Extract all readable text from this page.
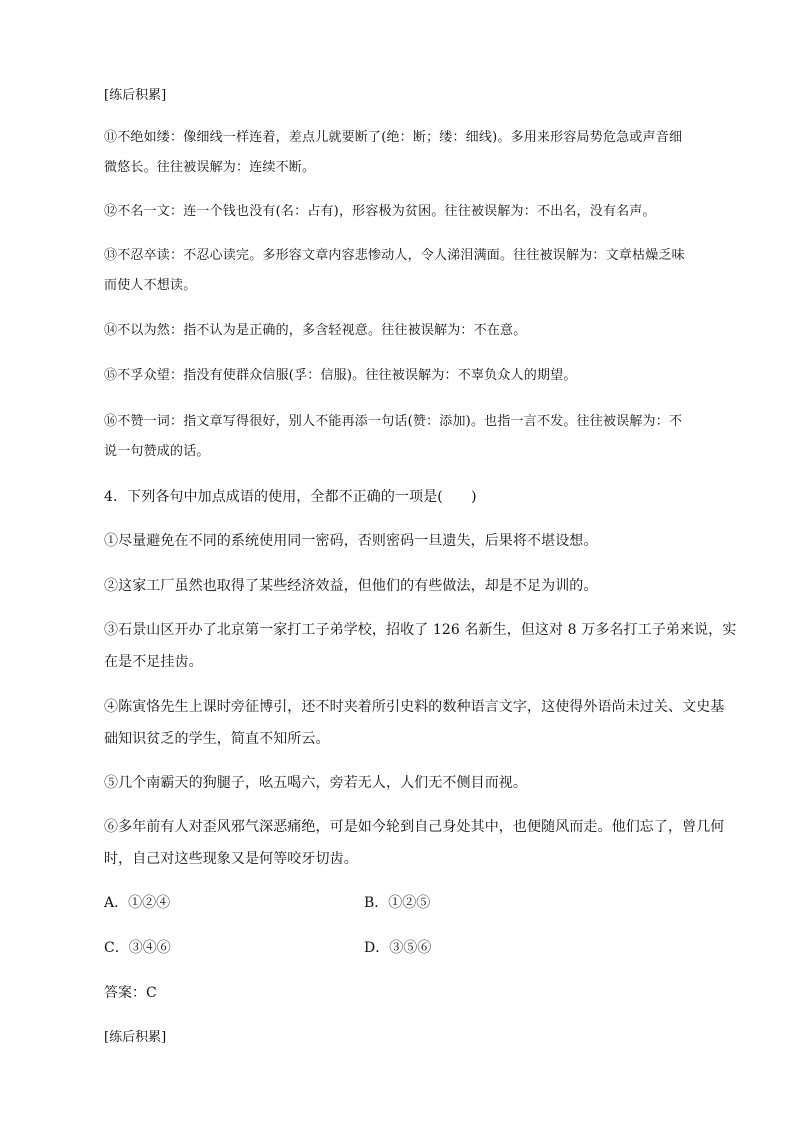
[练后积累]
⑪不绝如缕：像细线一样连着，差点儿就要断了(绝：断；缕：细线)。多用来形容局势危急或声音细
微悠长。往往被误解为：连续不断。
⑫不名一文：连一个钱也没有(名：占有)，形容极为贫困。往往被误解为：不出名，没有名声。
⑬不忍卒读：不忍心读完。多形容文章内容悲惨动人，令人涕泪满面。往往被误解为：文章枯燥乏味
而使人不想读。
⑭不以为然：指不认为是正确的，多含轻视意。往往被误解为：不在意。
⑮不孚众望：指没有使群众信服(孚：信服)。往往被误解为：不辜负众人的期望。
⑯不赞一词：指文章写得很好，别人不能再添一句话(赞：添加)。也指一言不发。往往被误解为：不
说一句赞成的话。
4．下列各句中加点成语的使用，全都不正确的一项是(　　)
①尽量避免在不同的系统使用同一密码，否则密码一旦遗失，后果将不堪设想。
②这家工厂虽然也取得了某些经济效益，但他们的有些做法，却是不足为训的。
③石景山区开办了北京第一家打工子弟学校，招收了 126 名新生，但这对 8 万多名打工子弟来说，实
在是不足挂齿。
④陈寅恪先生上课时旁征博引，还不时夹着所引史料的数种语言文字，这使得外语尚未过关、文史基
础知识贫乏的学生，简直不知所云。
⑤几个南霸天的狗腿子，吆五喝六，旁若无人，人们无不侧目而视。
⑥多年前有人对歪风邪气深恶痛绝，可是如今轮到自己身处其中，也便随风而走。他们忘了，曾几何
时，自己对这些现象又是何等咬牙切齿。
A．①②④	B．①②⑤
C．③④⑥	D．③⑤⑥
答案：C
[练后积累]
